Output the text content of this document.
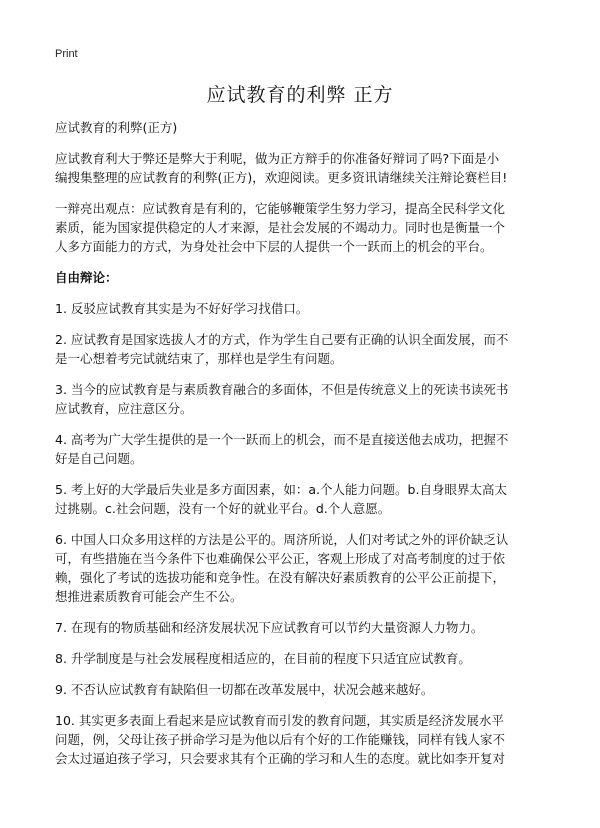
Print
应试教育的利弊 正方

应试教育的利弊(正方)

应试教育利大于弊还是弊大于利呢，做为正方辩手的你准备好辩词了吗?下面是小
编搜集整理的应试教育的利弊(正方)，欢迎阅读。更多资讯请继续关注辩论赛栏目!

一辩亮出观点：应试教育是有利的，它能够鞭策学生努力学习，提高全民科学文化
素质，能为国家提供稳定的人才来源，是社会发展的不竭动力。同时也是衡量一个
人多方面能力的方式，为身处社会中下层的人提供一个一跃而上的机会的平台。

自由辩论：

1. 反驳应试教育其实是为不好好学习找借口。

2. 应试教育是国家选拔人才的方式，作为学生自己要有正确的认识全面发展，而不
是一心想着考完试就结束了，那样也是学生有问题。

3. 当今的应试教育是与素质教育融合的多面体，不但是传统意义上的死读书读死书
应试教育，应注意区分。

4. 高考为广大学生提供的是一个一跃而上的机会，而不是直接送他去成功，把握不
好是自己问题。

5. 考上好的大学最后失业是多方面因素，如：a.个人能力问题。b.自身眼界太高太
过挑剔。c.社会问题，没有一个好的就业平台。d.个人意愿。

6. 中国人口众多用这样的方法是公平的。周济所说，人们对考试之外的评价缺乏认
可，有些措施在当今条件下也难确保公平公正，客观上形成了对高考制度的过于依
赖，强化了考试的选拔功能和竞争性。在没有解决好素质教育的公平公正前提下，
想推进素质教育可能会产生不公。

7. 在现有的物质基础和经济发展状况下应试教育可以节约大量资源人力物力。

8. 升学制度是与社会发展程度相适应的，在目前的程度下只适宜应试教育。

9. 不否认应试教育有缺陷但一切都在改革发展中，状况会越来越好。

10. 其实更多表面上看起来是应试教育而引发的教育问题，其实质是经济发展水平
问题，例，父母让孩子拼命学习是为他以后有个好的工作能赚钱，同样有钱人家不
会太过逼迫孩子学习，只会要求其有个正确的学习和人生的态度。就比如李开复对
